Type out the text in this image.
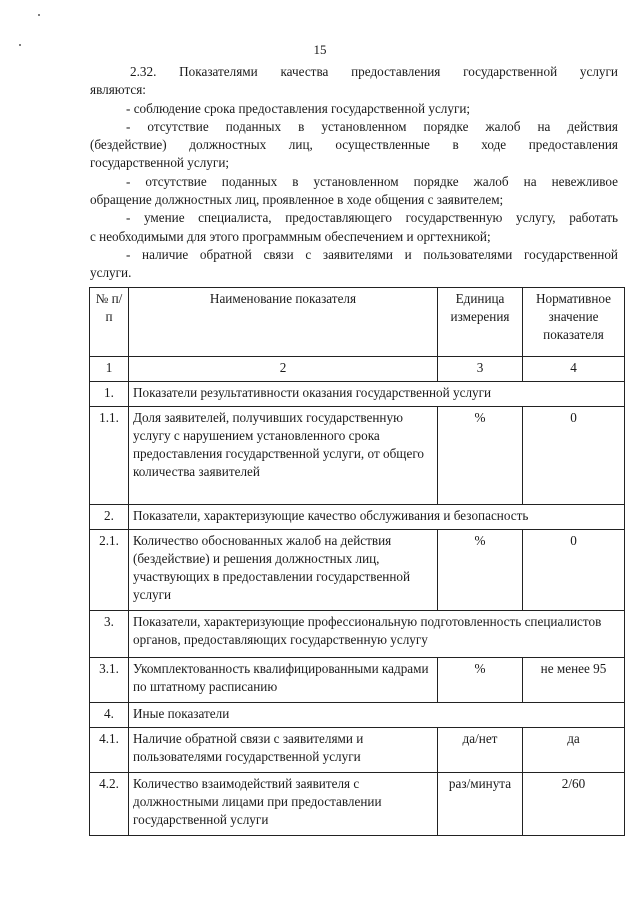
15
2.32. Показателями качества предоставления государственной услуги
являются:
- соблюдение срока предоставления государственной услуги;
- отсутствие поданных в установленном порядке жалоб на действия
(бездействие) должностных лиц, осуществленные в ходе предоставления
государственной услуги;
- отсутствие поданных в установленном порядке жалоб на невежливое
обращение должностных лиц, проявленное в ходе общения с заявителем;
- умение специалиста, предоставляющего государственную услугу, работать
с необходимыми для этого программным обеспечением и оргтехникой;
- наличие обратной связи с заявителями и пользователями государственной
услуги.
№ п/п	Наименование показателя	Единица измерения	Нормативное значение показателя
1	2	3	4
1.	Показатели результативности оказания государственной услуги		
1.1.	Доля заявителей, получивших государственную услугу с нарушением установленного срока предоставления государственной услуги, от общего количества заявителей	%	0
2.	Показатели, характеризующие качество обслуживания и безопасность		
2.1.	Количество обоснованных жалоб на действия (бездействие) и решения должностных лиц, участвующих в предоставлении государственной услуги	%	0
3.	Показатели, характеризующие профессиональную подготовленность специалистов органов, предоставляющих государственную услугу		
3.1.	Укомплектованность квалифицированными кадрами по штатному расписанию	%	не менее 95
4.	Иные показатели		
4.1.	Наличие обратной связи с заявителями и пользователями государственной услуги	да/нет	да
4.2.	Количество взаимодействий заявителя с должностными лицами при предоставлении государственной услуги	раз/минута	2/60
